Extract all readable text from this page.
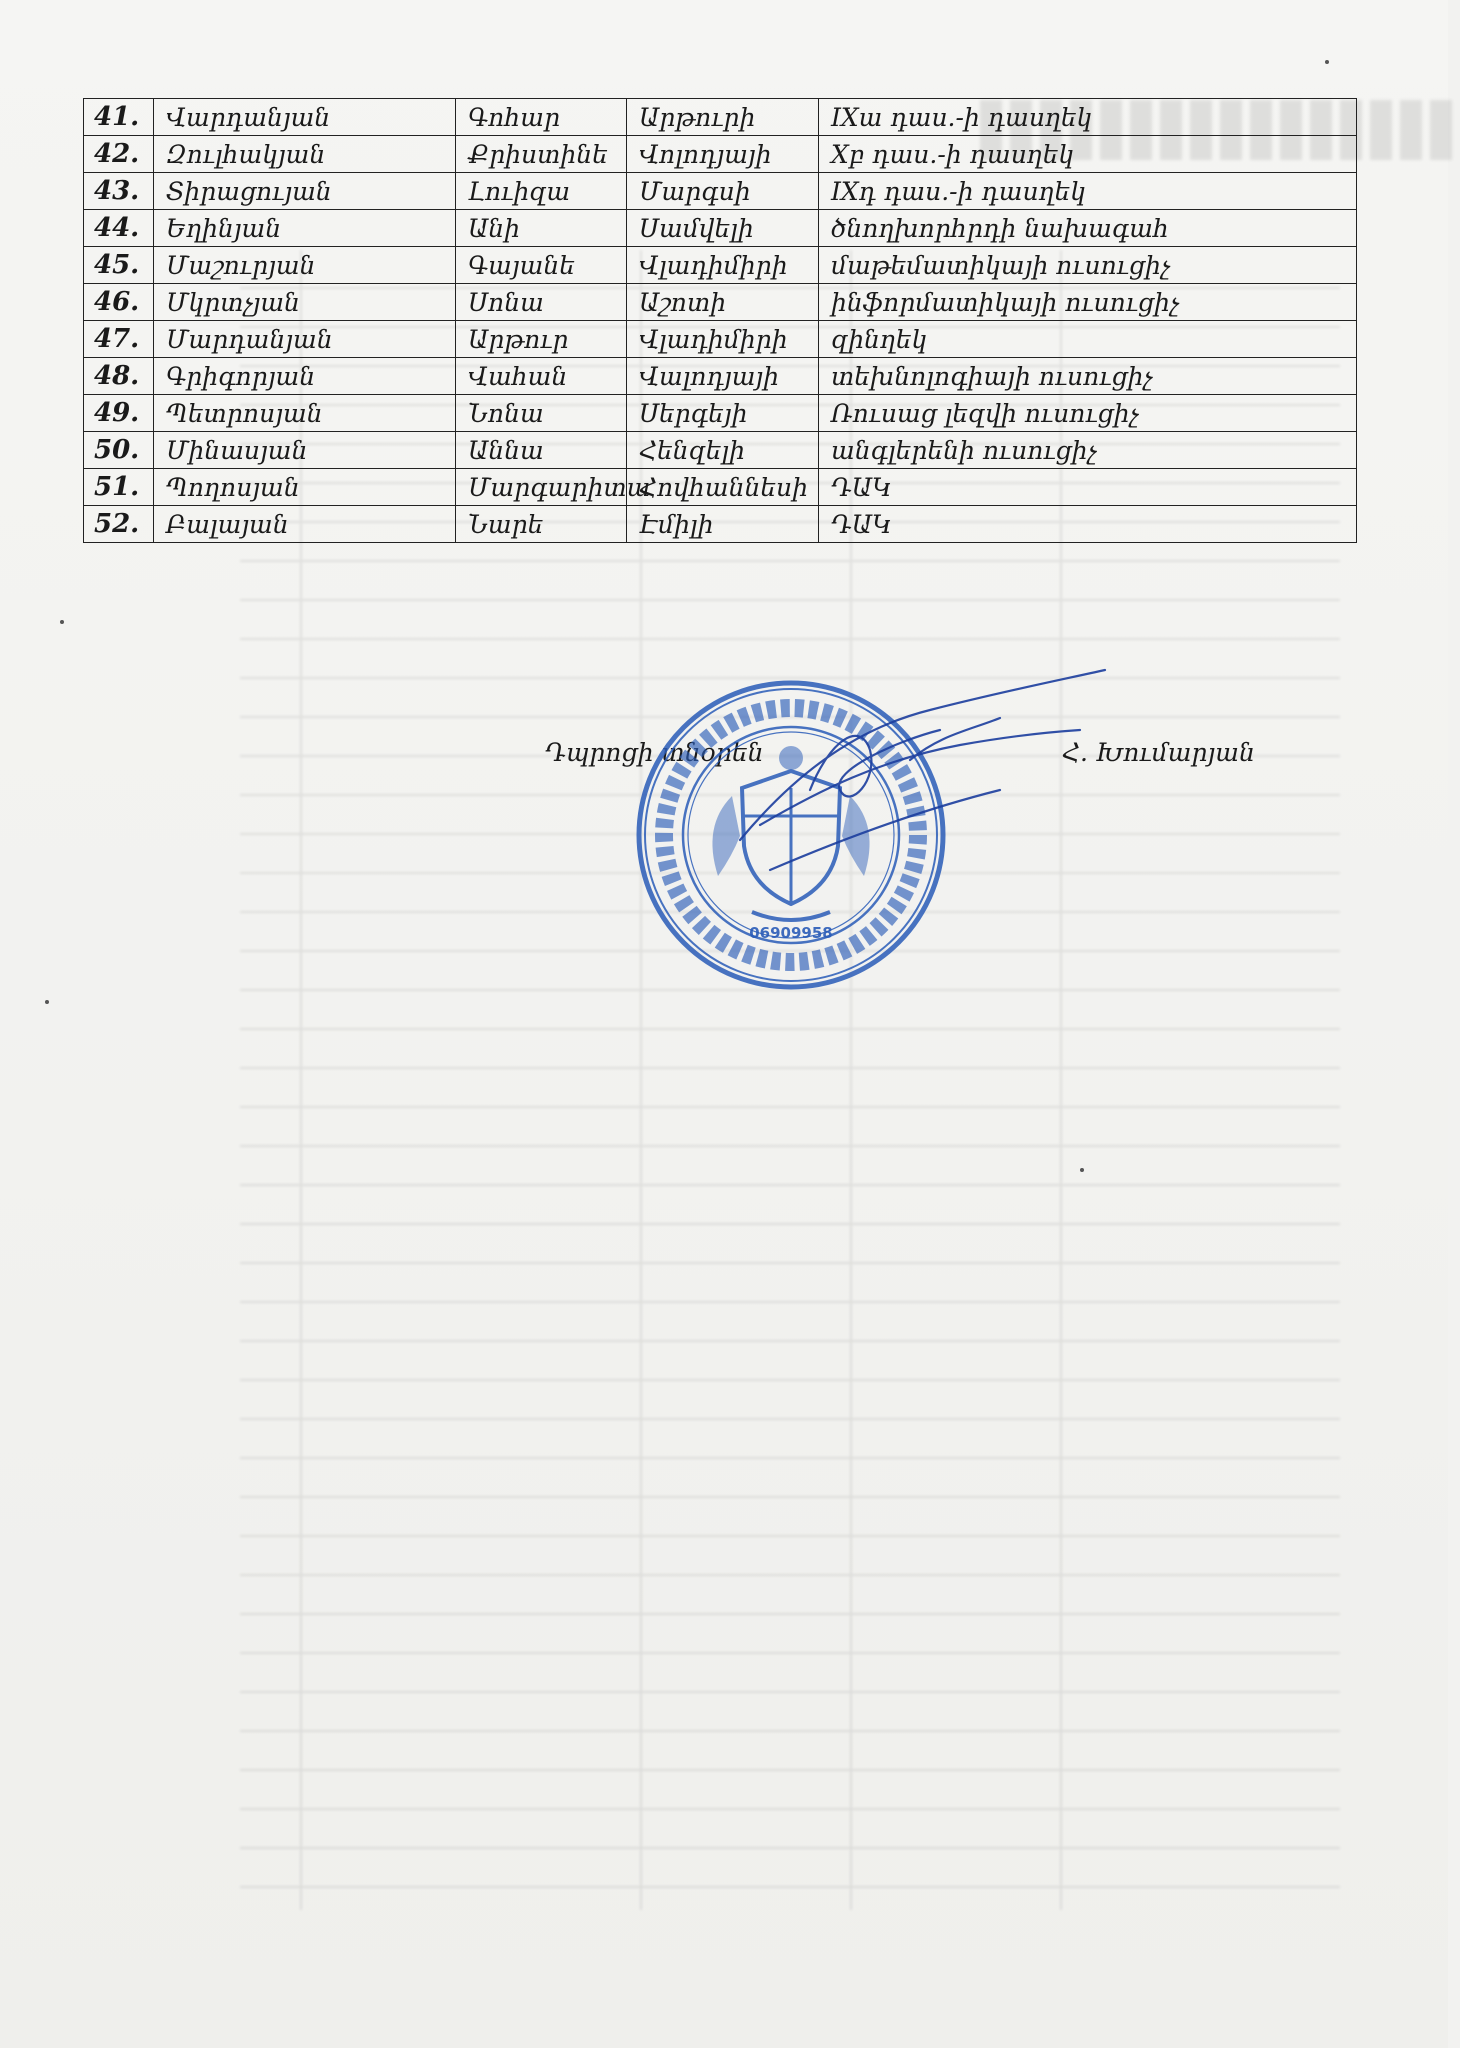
41.	Վարդանյան	Գոհար	Արթուրի	IXա դաս.-ի դասղեկ
42.	Զուլհակյան	Քրիստինե	Վոլոդյայի	Xբ դաս.-ի դասղեկ
43.	Տիրացույան	Լուիզա	Մարգսի	IXդ դաս.-ի դասղեկ
44.	Եղինյան	Անի	Սամվելի	ծնողխորհրդի նախագահ
45.	Մաշուրյան	Գայանե	Վլադիմիրի	մաթեմատիկայի ուսուցիչ
46.	Մկրտչյան	Սոնա	Աշոտի	ինֆորմատիկայի ուսուցիչ
47.	Մարդանյան	Արթուր	Վլադիմիրի	զինղեկ
48.	Գրիգորյան	Վահան	Վալոդյայի	տեխնոլոգիայի ուսուցիչ
49.	Պետրոսյան	Նոնա	Սերգեյի	Ռուսաց լեզվի ուսուցիչ
50.	Մինասյան	Աննա	Հենզելի	անգլերենի ուսուցիչ
51.	Պողոսյան	Մարգարիտա	Հովհաննեսի	ԴԱԿ
52.	Բալայան	Նարե	Էմիլի	ԴԱԿ
Դպրոցի տնօրեն	Հ. Խումարյան
06909958
